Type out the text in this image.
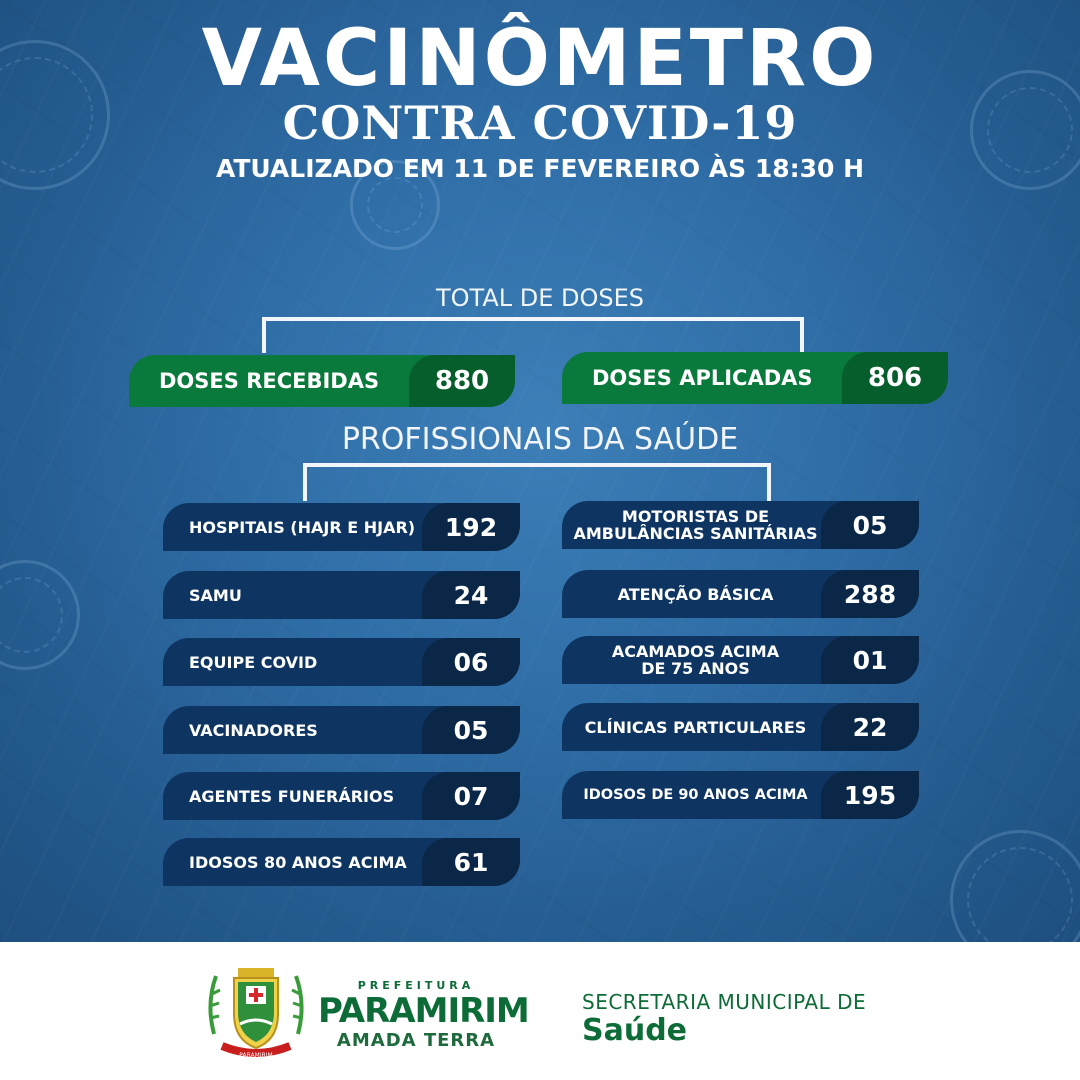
VACINÔMETRO
CONTRA COVID-19
ATUALIZADO EM 11 DE FEVEREIRO ÀS 18:30 H
TOTAL DE DOSES
DOSES RECEBIDAS	880	DOSES APLICADAS	806
PROFISSIONAIS DA SAÚDE
HOSPITAIS (HAJR E HJAR)	192
SAMU	24
EQUIPE COVID	06
VACINADORES	05
AGENTES FUNERÁRIOS	07
IDOSOS 80 ANOS ACIMA	61
MOTORISTAS DE
AMBULÂNCIAS SANITÁRIAS	05
ATENÇÃO BÁSICA	288
ACAMADOS ACIMA
DE 75 ANOS	01
CLÍNICAS PARTICULARES	22
IDOSOS DE 90 ANOS ACIMA	195
PARAMIRIM
PREFEITURA
PARAMIRIM
AMADA TERRA
SECRETARIA MUNICIPAL DE
Saúde
